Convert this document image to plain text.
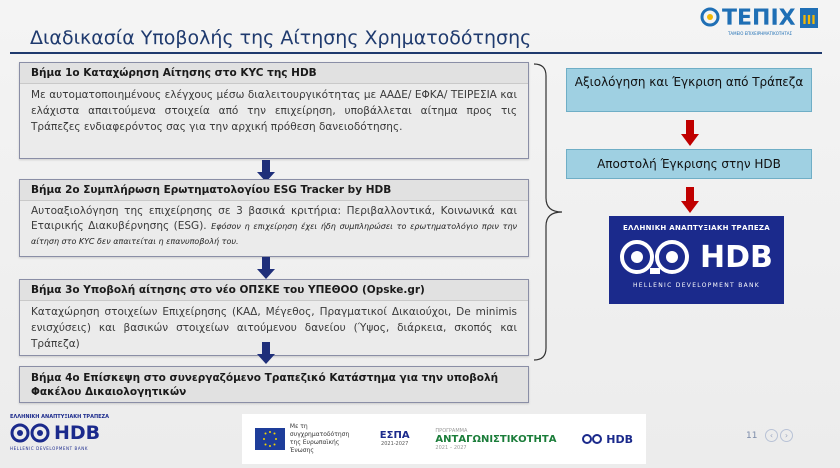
Διαδικασία Υποβολής της Αίτησης Χρηματοδότησης
ΤΕΠΙΧ III
ΤΑΜΕΙΟ ΕΠΙΧΕΙΡΗΜΑΤΙΚΟΤΗΤΑΣ
Βήμα 1ο Καταχώρηση Αίτησης στο KYC της HDB
Με αυτοματοποιημένους ελέγχους μέσω διαλειτουργικότητας με ΑΑΔΕ/ ΕΦΚΑ/ ΤΕΙΡΕΣΙΑ και ελάχιστα απαιτούμενα στοιχεία από την επιχείρηση, υποβάλλεται αίτημα προς τις Τράπεζες ενδιαφερόντος σας για την αρχική πρόθεση δανειοδότησης.
Βήμα 2ο Συμπλήρωση Ερωτηματολογίου ESG Tracker by HDB
Αυτοαξιολόγηση της επιχείρησης σε 3 βασικά κριτήρια: Περιβαλλοντικά, Κοινωνικά και Εταιρικής Διακυβέρνησης (ESG). Εφόσον η επιχείρηση έχει ήδη συμπληρώσει το ερωτηματολόγιο πριν την αίτηση στο KYC δεν απαιτείται η επανυποβολή του.
Βήμα 3ο Υποβολή αίτησης στο νέο ΟΠΣΚΕ του ΥΠΕΘΟΟ (Opske.gr)
Καταχώρηση στοιχείων Επιχείρησης (ΚΑΔ, Μέγεθος, Πραγματικοί Δικαιούχοι, De minimis ενισχύσεις) και βασικών στοιχείων αιτούμενου δανείου (Ύψος, διάρκεια, σκοπός και Τράπεζα)
Βήμα 4ο Επίσκεψη στο συνεργαζόμενο Τραπεζικό Κατάστημα για την υποβολή Φακέλου Δικαιολογητικών
Αξιολόγηση και Έγκριση από Τράπεζα
Αποστολή Έγκρισης στην HDB
ΕΛΛΗΝΙΚΗ ΑΝΑΠΤΥΞΙΑΚΗ ΤΡΑΠΕΖΑ
HDB
HELLENIC DEVELOPMENT BANK
ΕΛΛΗΝΙΚΗ ΑΝΑΠΤΥΞΙΑΚΗ ΤΡΑΠΕΖΑ
HDB
HELLENIC DEVELOPMENT BANK
Με τη συγχρηματοδότηση της Ευρωπαϊκής Ένωσης
ΕΣΠΑ
2021-2027
ΠΡΟΓΡΑΜΜΑ
ΑΝΤΑΓΩΝΙΣΤΙΚΟΤΗΤΑ
2021 – 2027
HDB	11	‹	›
